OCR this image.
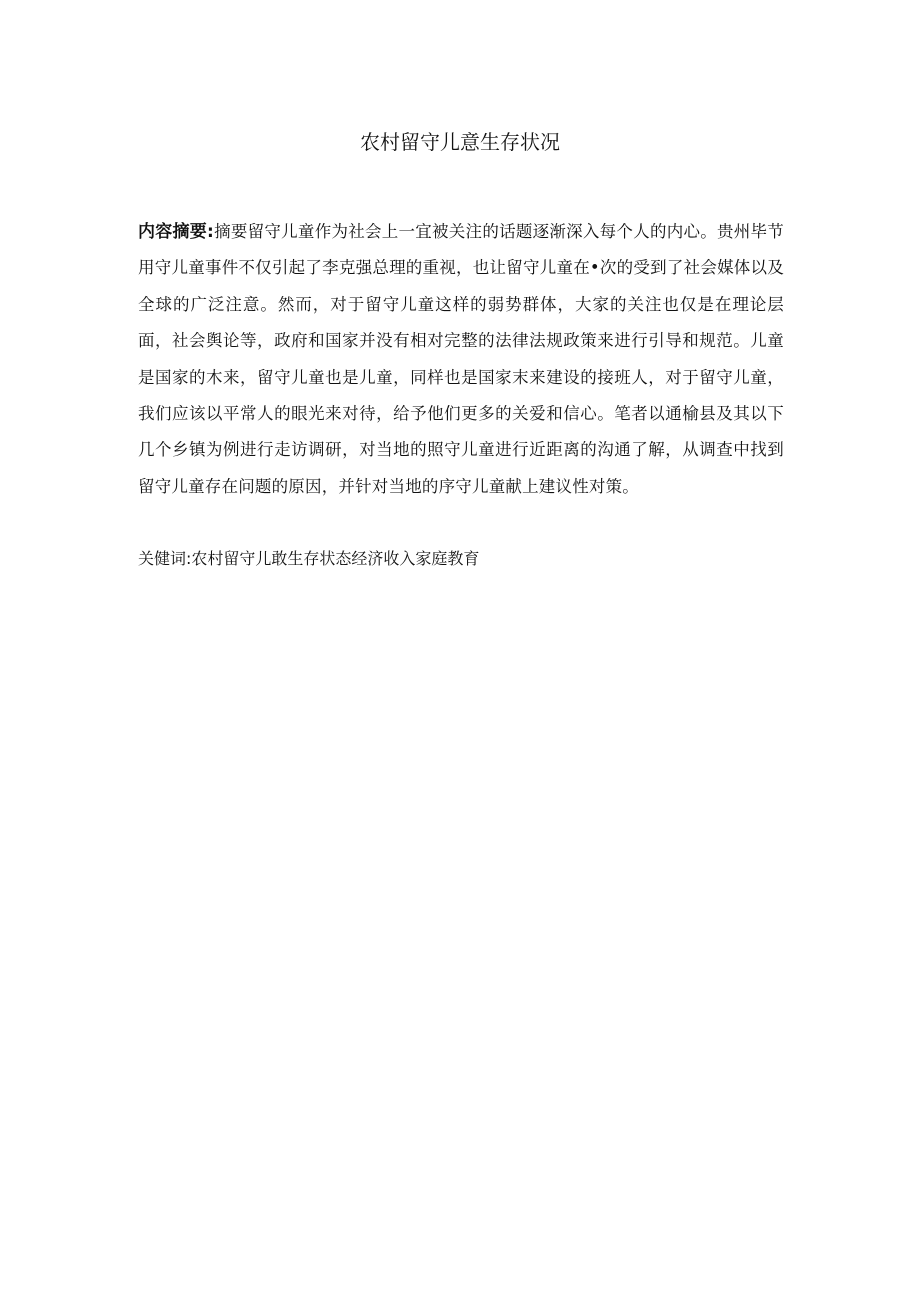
农村留守儿意生存状况
内容摘要:摘要留守儿童作为社会上一宜被关注的话题逐渐深入每个人的内心。贵州毕节用守儿童事件不仅引起了李克强总理的重视，也让留守儿童在•次的受到了社会媒体以及全球的广泛注意。然而，对于留守儿童这样的弱势群体，大家的关注也仅是在理论层面，社会舆论等，政府和国家并没有相对完整的法律法规政策来进行引导和规范。儿童是国家的木来，留守儿童也是儿童，同样也是国家末来建设的接班人，对于留守儿童，我们应该以平常人的眼光来对待，给予他们更多的关爱和信心。笔者以通榆县及其以下几个乡镇为例进行走访调研，对当地的照守儿童进行近距离的沟通了解，从调查中找到留守儿童存在问题的原因，并针对当地的序守儿童献上建议性对策。
关健词:农村留守儿敢生存状态经济收入家庭教育
